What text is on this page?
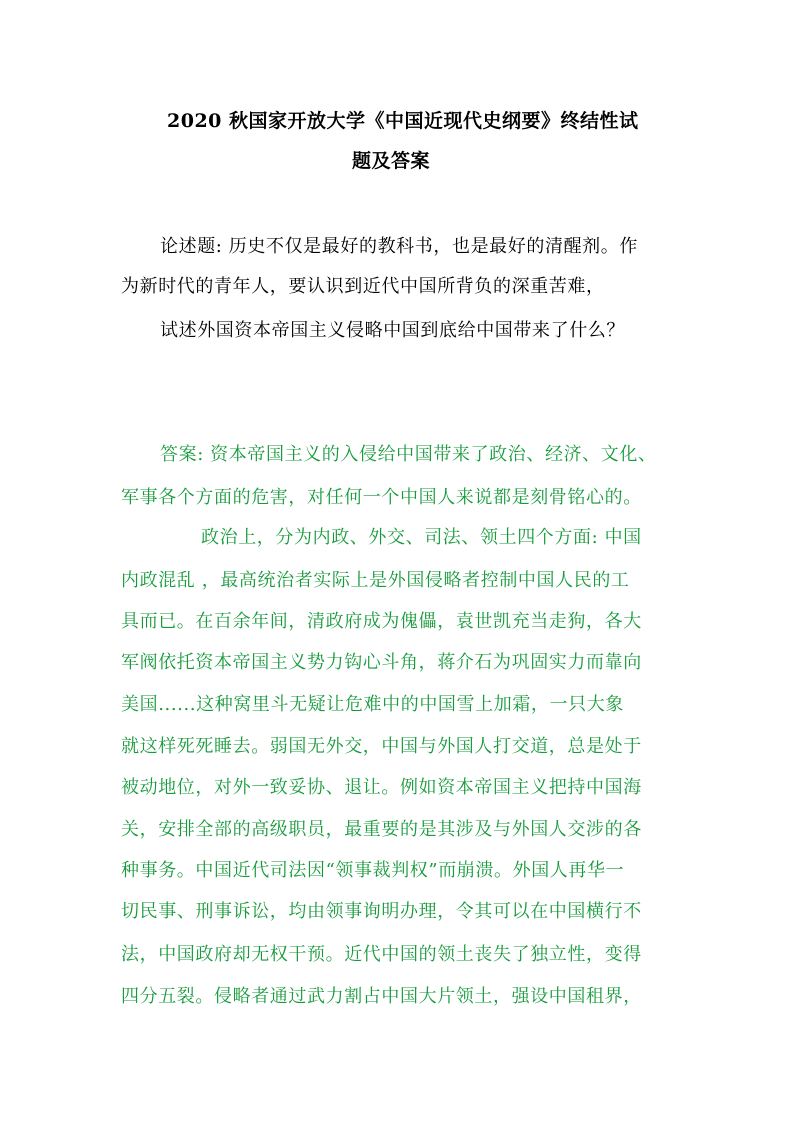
2020 秋国家开放大学《中国近现代史纲要》终结性试
题及答案
论述题: 历史不仅是最好的教科书，也是最好的清醒剂。作
为新时代的青年人，要认识到近代中国所背负的深重苦难，
试述外国资本帝国主义侵略中国到底给中国带来了什么？
答案: 资本帝国主义的入侵给中国带来了政治、经济、文化、
军事各个方面的危害，对任何一个中国人来说都是刻骨铭心的。
政治上，分为内政、外交、司法、领土四个方面: 中国
内政混乱 ，最高统治者实际上是外国侵略者控制中国人民的工
具而已。在百余年间，清政府成为傀儡，袁世凯充当走狗，各大
军阀依托资本帝国主义势力钩心斗角，蒋介石为巩固实力而靠向
美国......这种窝里斗无疑让危难中的中国雪上加霜，一只大象
就这样死死睡去。弱国无外交，中国与外国人打交道，总是处于
被动地位，对外一致妥协、退让。例如资本帝国主义把持中国海
关，安排全部的高级职员，最重要的是其涉及与外国人交涉的各
种事务。中国近代司法因“领事裁判权”而崩溃。外国人再华一
切民事、刑事诉讼，均由领事询明办理，令其可以在中国横行不
法，中国政府却无权干预。近代中国的领土丧失了独立性，变得
四分五裂。侵略者通过武力割占中国大片领土，强设中国租界，
